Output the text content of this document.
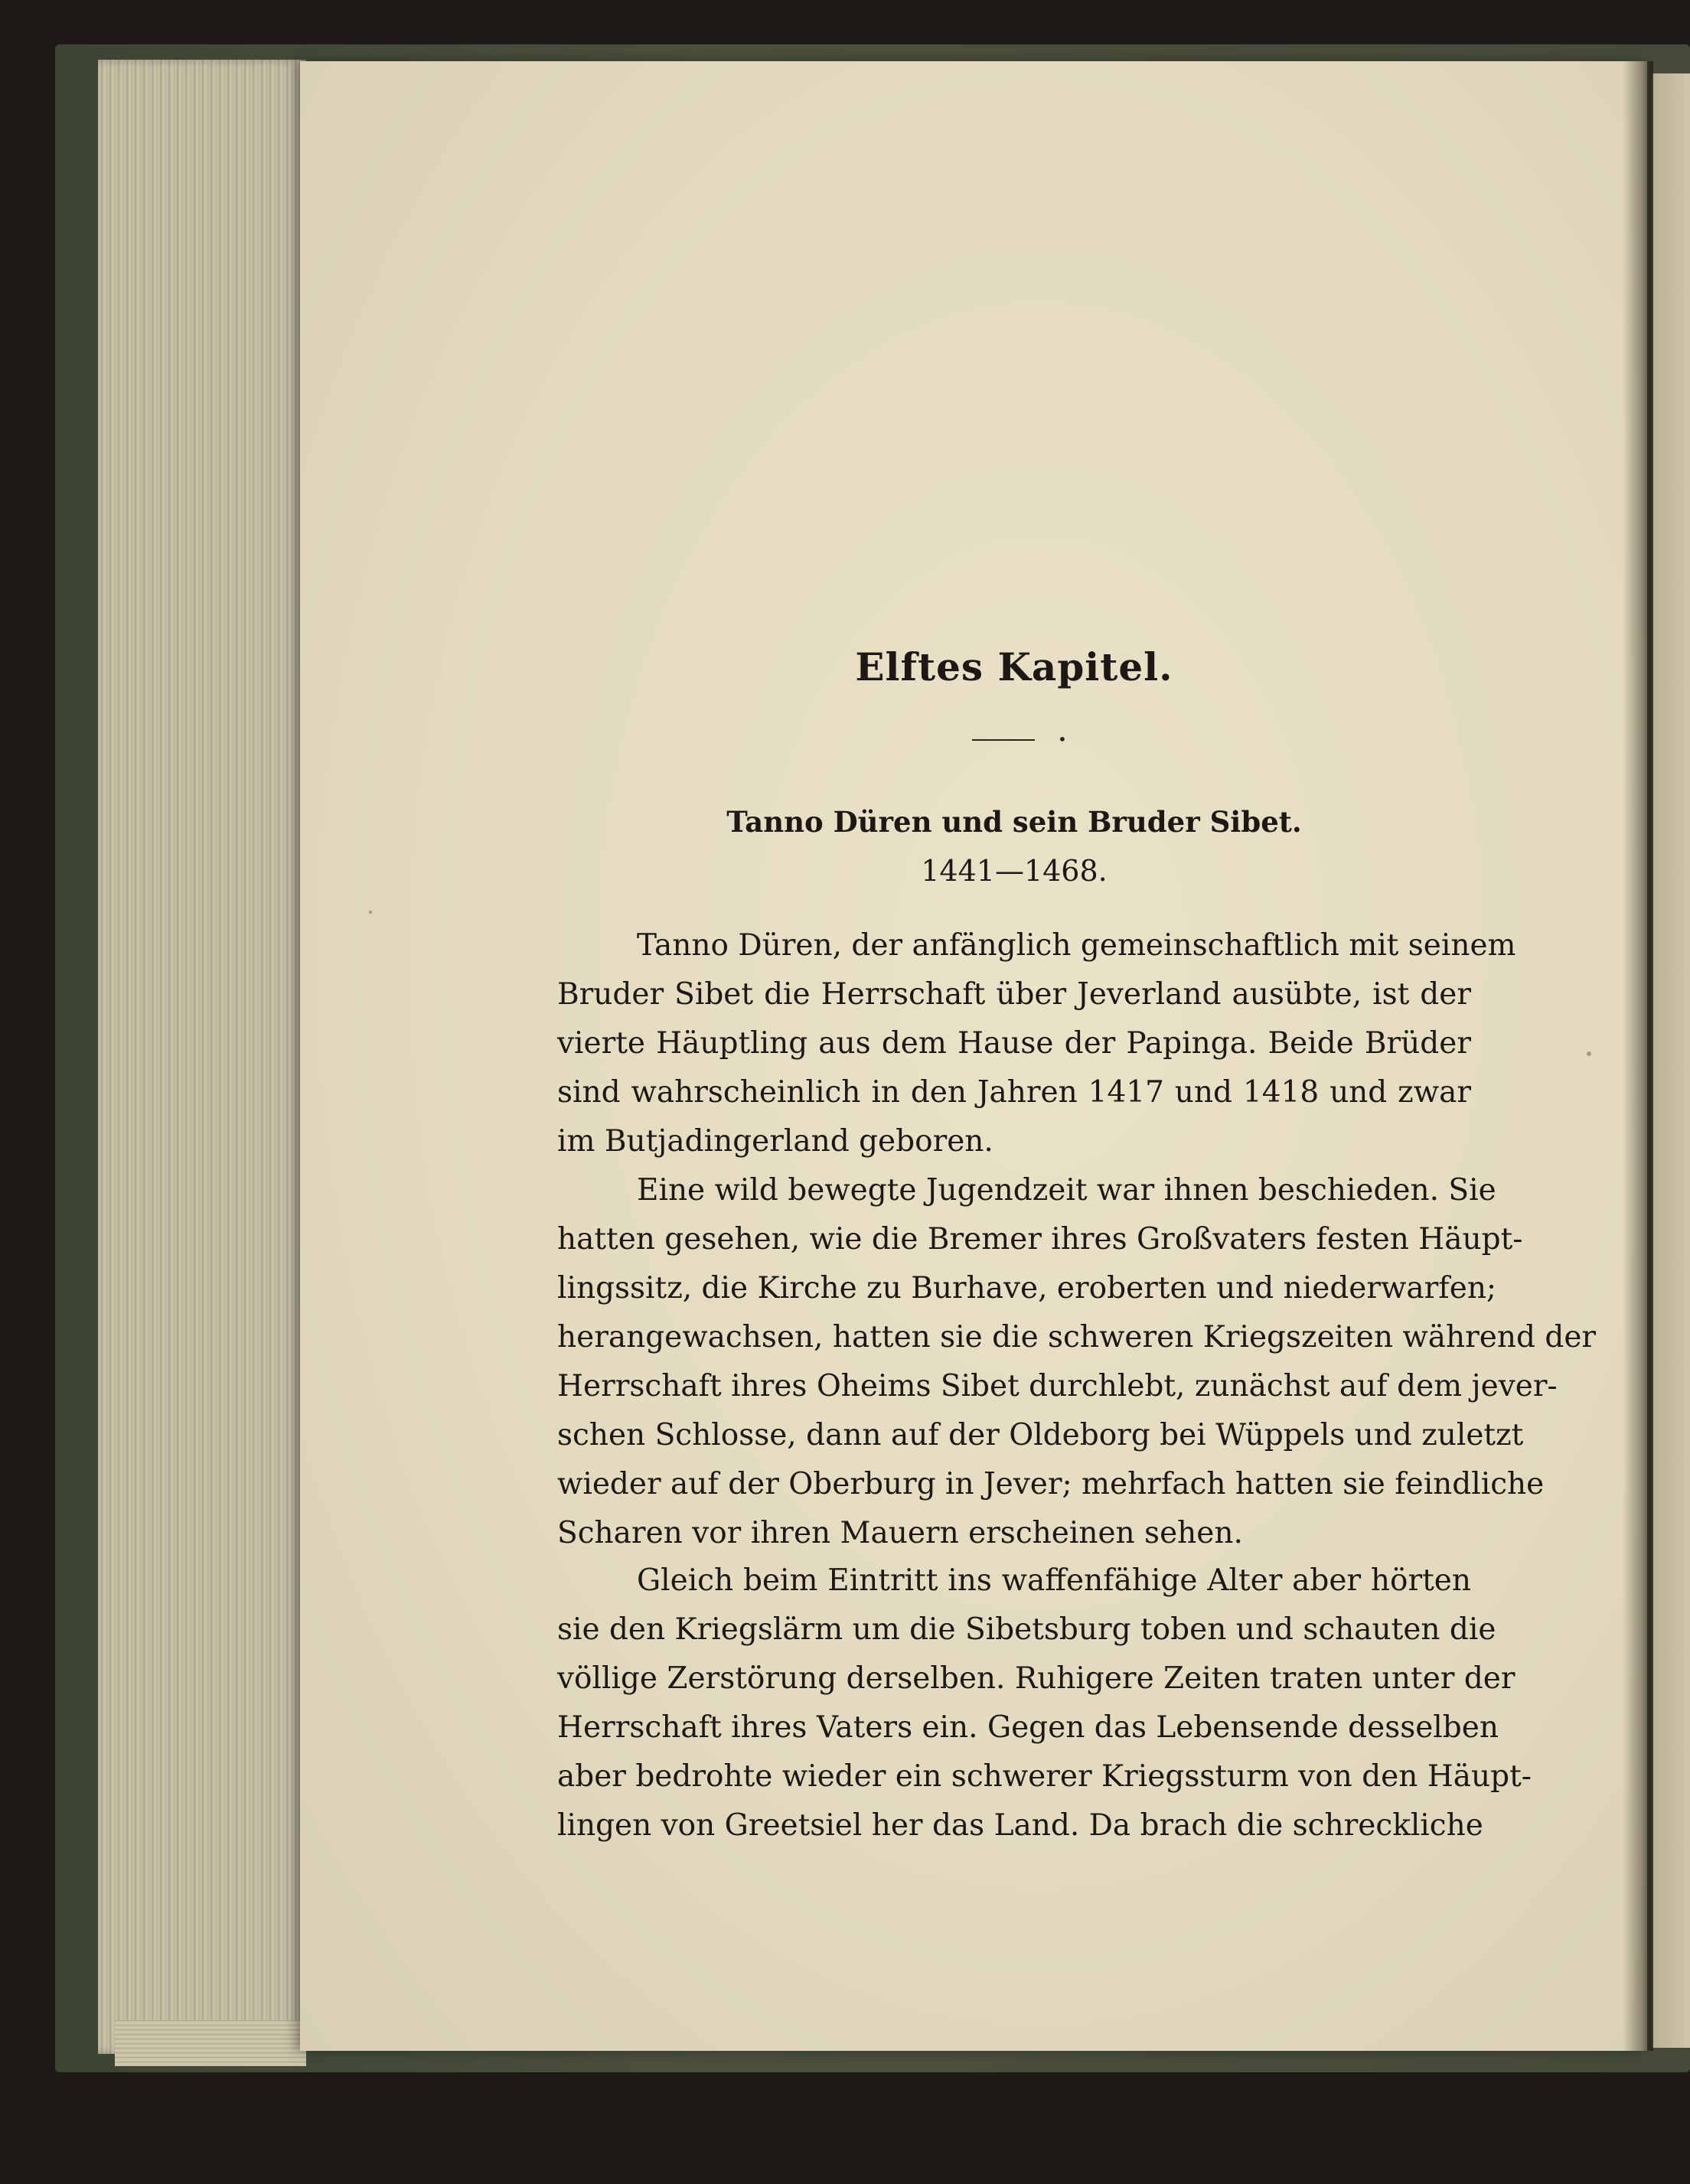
Elftes Kapitel.
•
Tanno Düren und sein Bruder Sibet.

1441—1468.

Tanno Düren, der anfänglich gemeinschaftlich mit seinem
Bruder Sibet die Herrschaft über Jeverland ausübte, ist der
vierte Häuptling aus dem Hause der Papinga. Beide Brüder
sind wahrscheinlich in den Jahren 1417 und 1418 und zwar
im Butjadingerland geboren.

Eine wild bewegte Jugendzeit war ihnen beschieden. Sie
hatten gesehen, wie die Bremer ihres Großvaters festen Häupt-
lingssitz, die Kirche zu Burhave, eroberten und niederwarfen;
herangewachsen, hatten sie die schweren Kriegszeiten während der
Herrschaft ihres Oheims Sibet durchlebt, zunächst auf dem jever-
schen Schlosse, dann auf der Oldeborg bei Wüppels und zuletzt
wieder auf der Oberburg in Jever; mehrfach hatten sie feindliche
Scharen vor ihren Mauern erscheinen sehen.

Gleich beim Eintritt ins waffenfähige Alter aber hörten
sie den Kriegslärm um die Sibetsburg toben und schauten die
völlige Zerstörung derselben. Ruhigere Zeiten traten unter der
Herrschaft ihres Vaters ein. Gegen das Lebensende desselben
aber bedrohte wieder ein schwerer Kriegssturm von den Häupt-
lingen von Greetsiel her das Land. Da brach die schreckliche
